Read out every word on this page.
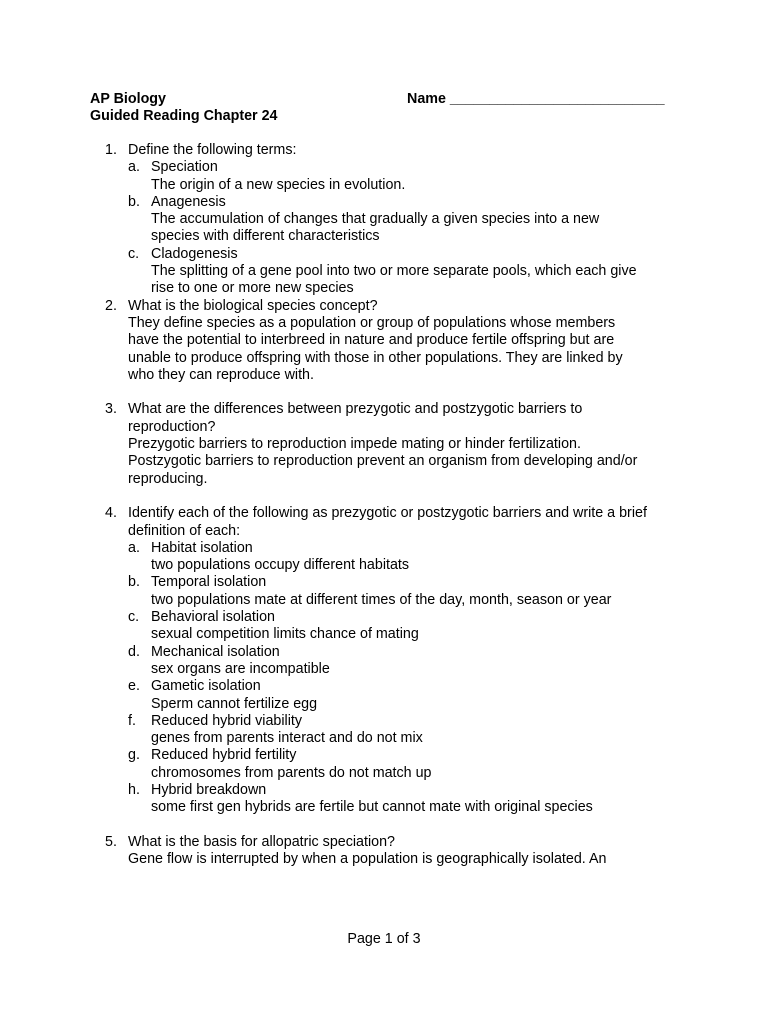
AP Biology
Guided Reading Chapter 24
Name ___________________________
1. Define the following terms:
a. Speciation
The origin of a new species in evolution.
b. Anagenesis
The accumulation of changes that gradually a given species into a new
species with different characteristics
c. Cladogenesis
The splitting of a gene pool into two or more separate pools, which each give
rise to one or more new species
2. What is the biological species concept?
They define species as a population or group of populations whose members
have the potential to interbreed in nature and produce fertile offspring but are
unable to produce offspring with those in other populations. They are linked by
who they can reproduce with.
3. What are the differences between prezygotic and postzygotic barriers to
reproduction?
Prezygotic barriers to reproduction impede mating or hinder fertilization.
Postzygotic barriers to reproduction prevent an organism from developing and/or
reproducing.
4. Identify each of the following as prezygotic or postzygotic barriers and write a brief
definition of each:
a. Habitat isolation
two populations occupy different habitats
b. Temporal isolation
two populations mate at different times of the day, month, season or year
c. Behavioral isolation
sexual competition limits chance of mating
d. Mechanical isolation
sex organs are incompatible
e. Gametic isolation
Sperm cannot fertilize egg
f. Reduced hybrid viability
genes from parents interact and do not mix
g. Reduced hybrid fertility
chromosomes from parents do not match up
h. Hybrid breakdown
some first gen hybrids are fertile but cannot mate with original species
5. What is the basis for allopatric speciation?
Gene flow is interrupted by when a population is geographically isolated. An
Page 1 of 3
